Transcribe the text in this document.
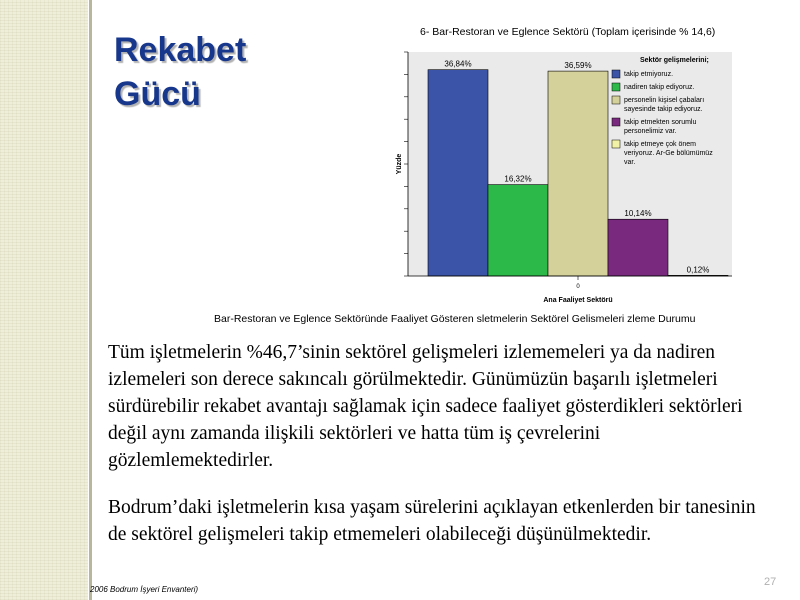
Rekabet
Gücü
6- Bar-Restoran ve Eglence Sektörü (Toplam içerisinde % 14,6)
36,84%
16,32%
36,59%
10,14%
0,12%
0
Ana Faaliyet Sektörü
Yüzde
Sektör gelişmelerini;
takip etmiyoruz.
nadiren takip ediyoruz.
personelin kişisel çabaları sayesinde takip ediyoruz.
takip etmekten sorumlu personelimiz var.
takip etmeye çok önem veriyoruz. Ar-Ge bölümümüz var.
Bar-Restoran ve Eglence Sektöründe Faaliyet Gösteren sletmelerin Sektörel Gelismeleri zleme Durumu

Tüm işletmelerin %46,7’sinin sektörel gelişmeleri izlememeleri ya da nadiren izlemeleri son derece sakıncalı görülmektedir. Günümüzün başarılı işletmeleri sürdürebilir rekabet avantajı sağlamak için sadece faaliyet gösterdikleri sektörleri değil aynı zamanda ilişkili sektörleri ve hatta tüm iş çevrelerini gözlemlemektedirler.

Bodrum’daki işletmelerin kısa yaşam sürelerini açıklayan etkenlerden bir tanesinin de sektörel gelişmeleri takip etmemeleri olabileceği düşünülmektedir.

2006 Bodrum İşyeri Envanteri)
27
